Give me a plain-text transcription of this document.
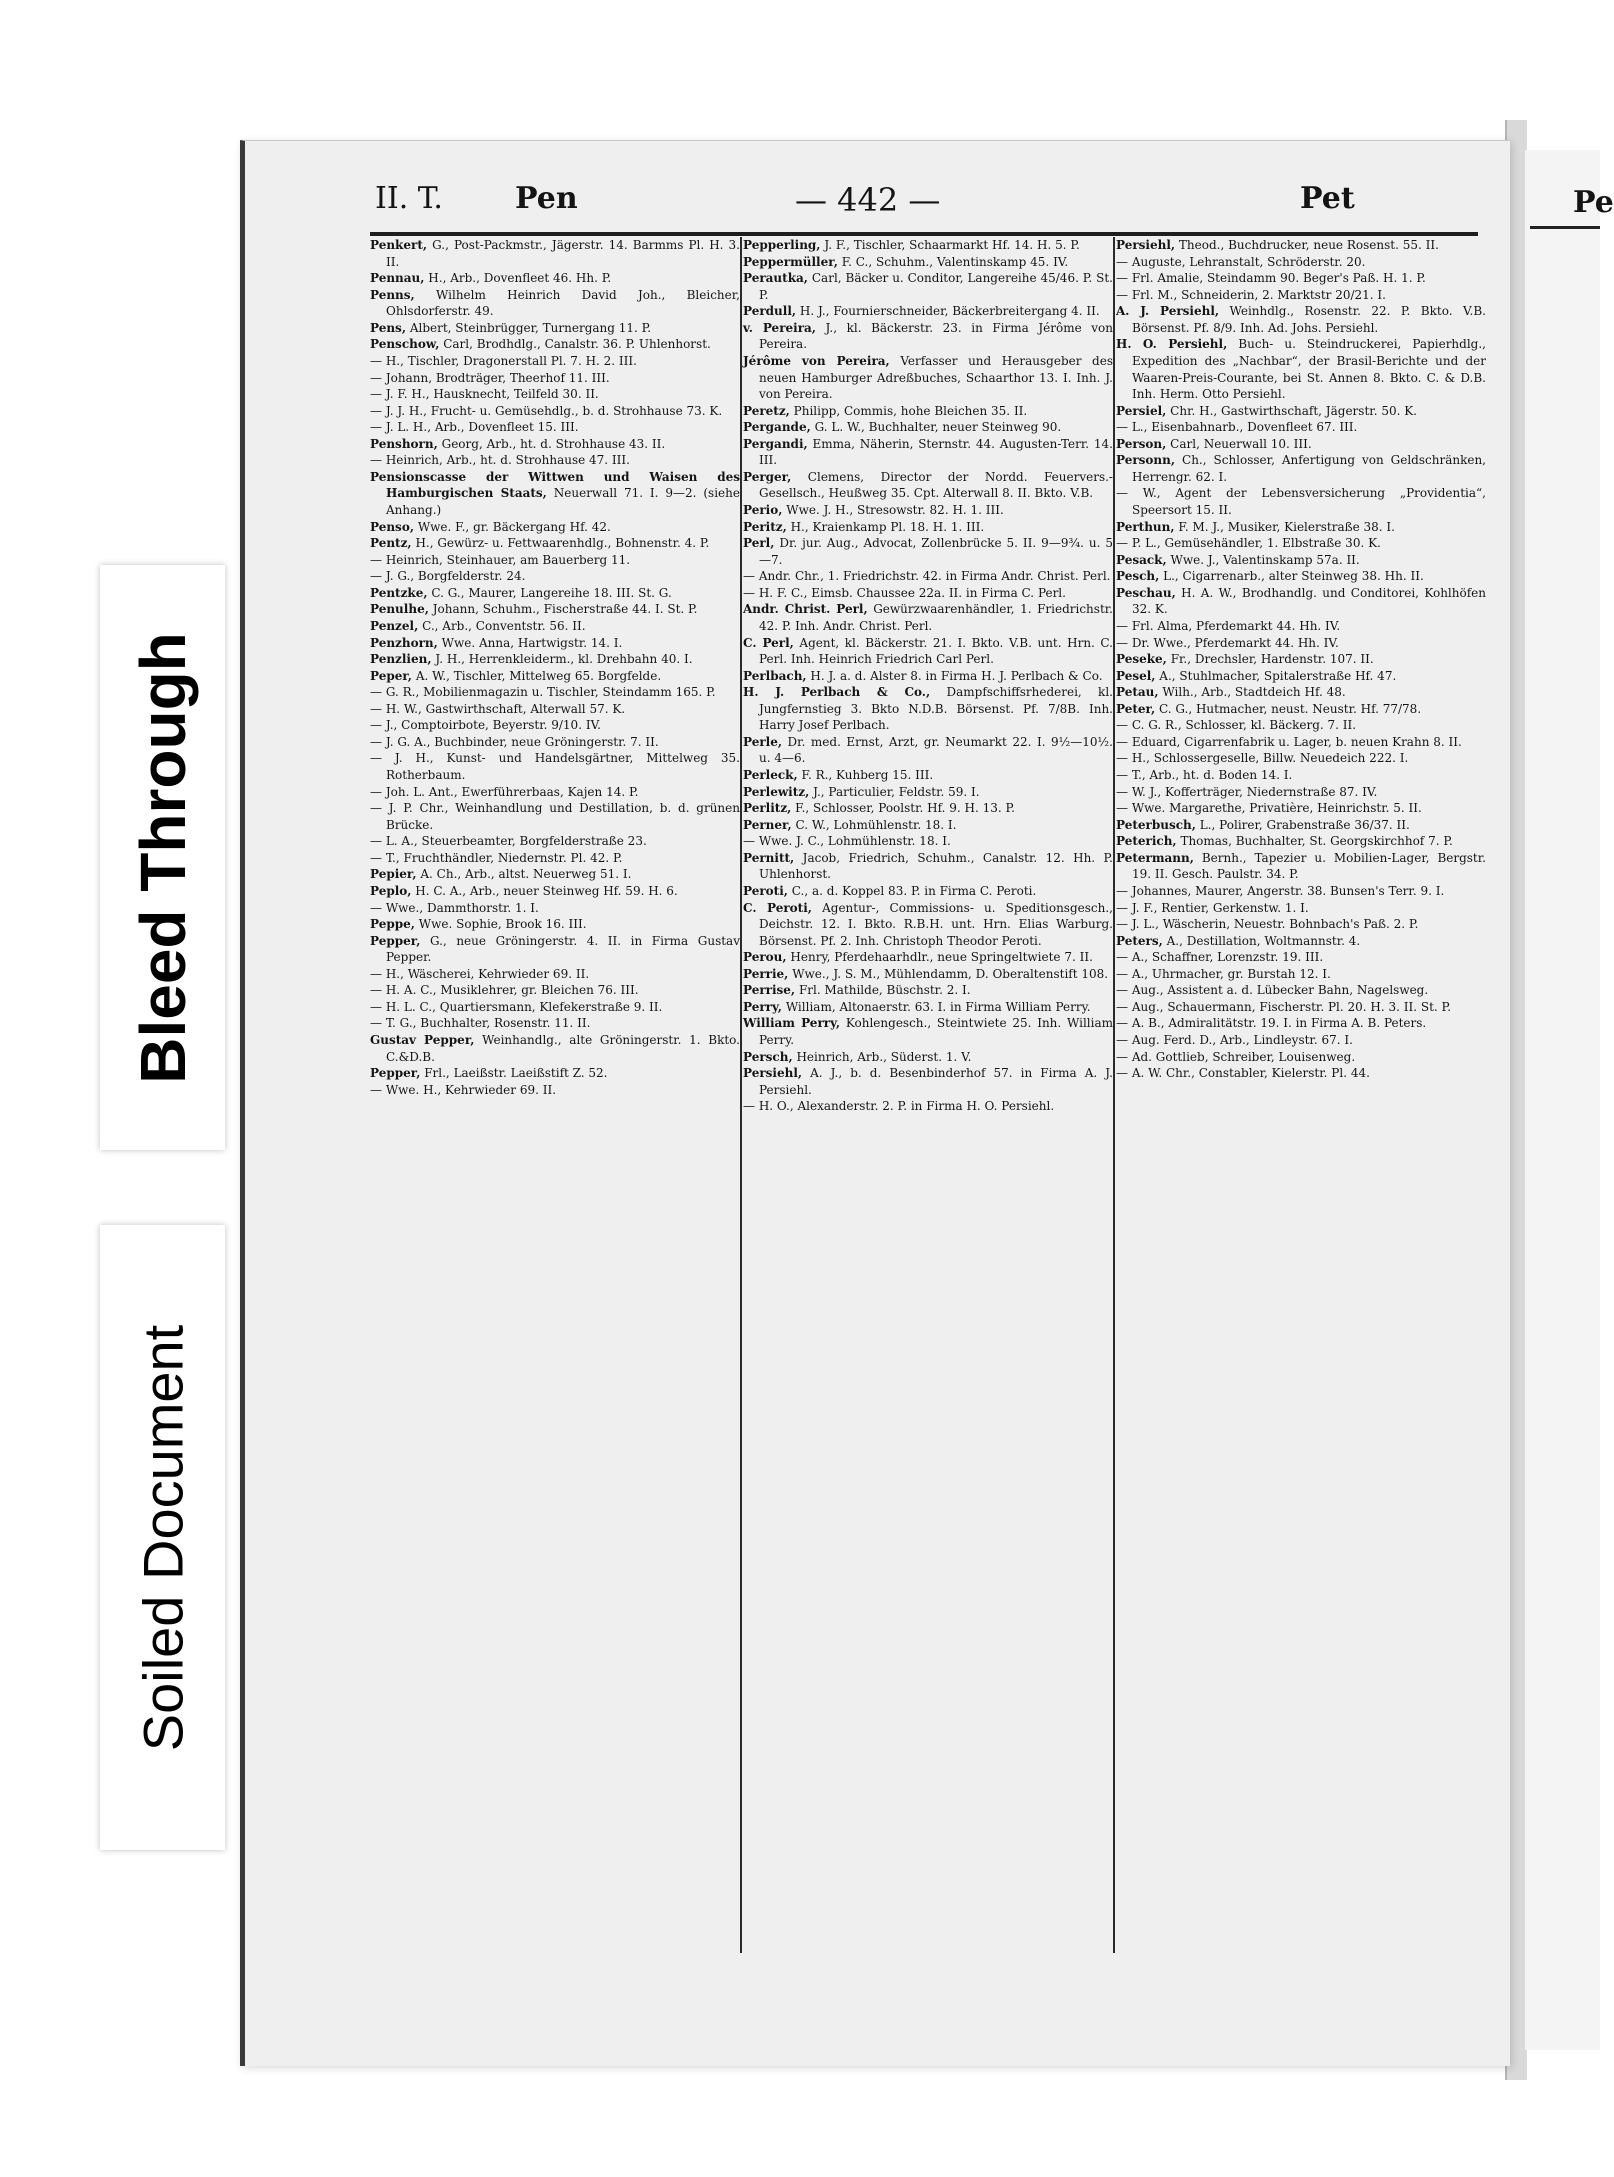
Bleed Through
Soiled Document
Pe
II. T. Pen	— 442 —	Pet

Penkert, G., Post-Packmstr., Jägerstr. 14. Barmms Pl. H. 3. II.

Pennau, H., Arb., Dovenfleet 46. Hh. P.

Penns, Wilhelm Heinrich David Joh., Bleicher, Ohlsdorferstr. 49.

Pens, Albert, Steinbrügger, Turnergang 11. P.

Penschow, Carl, Brodhdlg., Canalstr. 36. P. Uhlenhorst.

— H., Tischler, Dragonerstall Pl. 7. H. 2. III.

— Johann, Brodträger, Theerhof 11. III.

— J. F. H., Hausknecht, Teilfeld 30. II.

— J. J. H., Frucht- u. Gemüsehdlg., b. d. Strohhause 73. K.

— J. L. H., Arb., Dovenfleet 15. III.

Penshorn, Georg, Arb., ht. d. Strohhause 43. II.

— Heinrich, Arb., ht. d. Strohhause 47. III.

Pensionscasse der Wittwen und Waisen des Hamburgischen Staats, Neuerwall 71. I. 9—2. (siehe Anhang.)

Penso, Wwe. F., gr. Bäckergang Hf. 42.

Pentz, H., Gewürz- u. Fettwaarenhdlg., Bohnenstr. 4. P.

— Heinrich, Steinhauer, am Bauerberg 11.

— J. G., Borgfelderstr. 24.

Pentzke, C. G., Maurer, Langereihe 18. III. St. G.

Penulhe, Johann, Schuhm., Fischerstraße 44. I. St. P.

Penzel, C., Arb., Conventstr. 56. II.

Penzhorn, Wwe. Anna, Hartwigstr. 14. I.

Penzlien, J. H., Herrenkleiderm., kl. Drehbahn 40. I.

Peper, A. W., Tischler, Mittelweg 65. Borgfelde.

— G. R., Mobilienmagazin u. Tischler, Steindamm 165. P.

— H. W., Gastwirthschaft, Alterwall 57. K.

— J., Comptoirbote, Beyerstr. 9/10. IV.

— J. G. A., Buchbinder, neue Gröningerstr. 7. II.

— J. H., Kunst- und Handelsgärtner, Mittelweg 35. Rotherbaum.

— Joh. L. Ant., Ewerführerbaas, Kajen 14. P.

— J. P. Chr., Weinhandlung und Destillation, b. d. grünen Brücke.

— L. A., Steuerbeamter, Borgfelderstraße 23.

— T., Fruchthändler, Niedernstr. Pl. 42. P.

Pepier, A. Ch., Arb., altst. Neuerweg 51. I.

Peplo, H. C. A., Arb., neuer Steinweg Hf. 59. H. 6.

— Wwe., Dammthorstr. 1. I.

Peppe, Wwe. Sophie, Brook 16. III.

Pepper, G., neue Gröningerstr. 4. II. in Firma Gustav Pepper.

— H., Wäscherei, Kehrwieder 69. II.

— H. A. C., Musiklehrer, gr. Bleichen 76. III.

— H. L. C., Quartiersmann, Klefekerstraße 9. II.

— T. G., Buchhalter, Rosenstr. 11. II.

Gustav Pepper, Weinhandlg., alte Gröningerstr. 1. Bkto. C.&D.B.

Pepper, Frl., Laeißstr. Laeißstift Z. 52.

— Wwe. H., Kehrwieder 69. II.

Pepperling, J. F., Tischler, Schaarmarkt Hf. 14. H. 5. P.

Peppermüller, F. C., Schuhm., Valentinskamp 45. IV.

Perautka, Carl, Bäcker u. Conditor, Langereihe 45/46. P. St. P.

Perdull, H. J., Fournierschneider, Bäckerbreitergang 4. II.

v. Pereira, J., kl. Bäckerstr. 23. in Firma Jérôme von Pereira.

Jérôme von Pereira, Verfasser und Herausgeber des neuen Hamburger Adreßbuches, Schaarthor 13. I. Inh. J. von Pereira.

Peretz, Philipp, Commis, hohe Bleichen 35. II.

Pergande, G. L. W., Buchhalter, neuer Steinweg 90.

Pergandi, Emma, Näherin, Sternstr. 44. Augusten-Terr. 14. III.

Perger, Clemens, Director der Nordd. Feuervers.-Gesellsch., Heußweg 35. Cpt. Alterwall 8. II. Bkto. V.B.

Perio, Wwe. J. H., Stresowstr. 82. H. 1. III.

Peritz, H., Kraienkamp Pl. 18. H. 1. III.

Perl, Dr. jur. Aug., Advocat, Zollenbrücke 5. II. 9—9¾. u. 5—7.

— Andr. Chr., 1. Friedrichstr. 42. in Firma Andr. Christ. Perl.

— H. F. C., Eimsb. Chaussee 22a. II. in Firma C. Perl.

Andr. Christ. Perl, Gewürzwaarenhändler, 1. Friedrichstr. 42. P. Inh. Andr. Christ. Perl.

C. Perl, Agent, kl. Bäckerstr. 21. I. Bkto. V.B. unt. Hrn. C. Perl. Inh. Heinrich Friedrich Carl Perl.

Perlbach, H. J. a. d. Alster 8. in Firma H. J. Perlbach & Co.

H. J. Perlbach & Co., Dampfschiffsrhederei, kl. Jungfernstieg 3. Bkto N.D.B. Börsenst. Pf. 7/8B. Inh. Harry Josef Perlbach.

Perle, Dr. med. Ernst, Arzt, gr. Neumarkt 22. I. 9½—10½. u. 4—6.

Perleck, F. R., Kuhberg 15. III.

Perlewitz, J., Particulier, Feldstr. 59. I.

Perlitz, F., Schlosser, Poolstr. Hf. 9. H. 13. P.

Perner, C. W., Lohmühlenstr. 18. I.

— Wwe. J. C., Lohmühlenstr. 18. I.

Pernitt, Jacob, Friedrich, Schuhm., Canalstr. 12. Hh. P. Uhlenhorst.

Peroti, C., a. d. Koppel 83. P. in Firma C. Peroti.

C. Peroti, Agentur-, Commissions- u. Speditionsgesch., Deichstr. 12. I. Bkto. R.B.H. unt. Hrn. Elias Warburg. Börsenst. Pf. 2. Inh. Christoph Theodor Peroti.

Perou, Henry, Pferdehaarhdlr., neue Springeltwiete 7. II.

Perrie, Wwe., J. S. M., Mühlendamm, D. Oberaltenstift 108.

Perrise, Frl. Mathilde, Büschstr. 2. I.

Perry, William, Altonaerstr. 63. I. in Firma William Perry.

William Perry, Kohlengesch., Steintwiete 25. Inh. William Perry.

Persch, Heinrich, Arb., Süderst. 1. V.

Persiehl, A. J., b. d. Besenbinderhof 57. in Firma A. J. Persiehl.

— H. O., Alexanderstr. 2. P. in Firma H. O. Persiehl.

Persiehl, Theod., Buchdrucker, neue Rosenst. 55. II.

— Auguste, Lehranstalt, Schröderstr. 20.

— Frl. Amalie, Steindamm 90. Beger's Paß. H. 1. P.

— Frl. M., Schneiderin, 2. Marktstr 20/21. I.

A. J. Persiehl, Weinhdlg., Rosenstr. 22. P. Bkto. V.B. Börsenst. Pf. 8/9. Inh. Ad. Johs. Persiehl.

H. O. Persiehl, Buch- u. Steindruckerei, Papierhdlg., Expedition des „Nachbar“, der Brasil-Berichte und der Waaren-Preis-Courante, bei St. Annen 8. Bkto. C. & D.B. Inh. Herm. Otto Persiehl.

Persiel, Chr. H., Gastwirthschaft, Jägerstr. 50. K.

— L., Eisenbahnarb., Dovenfleet 67. III.

Person, Carl, Neuerwall 10. III.

Personn, Ch., Schlosser, Anfertigung von Geldschränken, Herrengr. 62. I.

— W., Agent der Lebensversicherung „Providentia“, Speersort 15. II.

Perthun, F. M. J., Musiker, Kielerstraße 38. I.

— P. L., Gemüsehändler, 1. Elbstraße 30. K.

Pesack, Wwe. J., Valentinskamp 57a. II.

Pesch, L., Cigarrenarb., alter Steinweg 38. Hh. II.

Peschau, H. A. W., Brodhandlg. und Conditorei, Kohlhöfen 32. K.

— Frl. Alma, Pferdemarkt 44. Hh. IV.

— Dr. Wwe., Pferdemarkt 44. Hh. IV.

Peseke, Fr., Drechsler, Hardenstr. 107. II.

Pesel, A., Stuhlmacher, Spitalerstraße Hf. 47.

Petau, Wilh., Arb., Stadtdeich Hf. 48.

Peter, C. G., Hutmacher, neust. Neustr. Hf. 77/78.

— C. G. R., Schlosser, kl. Bäckerg. 7. II.

— Eduard, Cigarrenfabrik u. Lager, b. neuen Krahn 8. II.

— H., Schlossergeselle, Billw. Neuedeich 222. I.

— T., Arb., ht. d. Boden 14. I.

— W. J., Kofferträger, Niedernstraße 87. IV.

— Wwe. Margarethe, Privatière, Heinrichstr. 5. II.

Peterbusch, L., Polirer, Grabenstraße 36/37. II.

Peterich, Thomas, Buchhalter, St. Georgskirchhof 7. P.

Petermann, Bernh., Tapezier u. Mobilien-Lager, Bergstr. 19. II. Gesch. Paulstr. 34. P.

— Johannes, Maurer, Angerstr. 38. Bunsen's Terr. 9. I.

— J. F., Rentier, Gerkenstw. 1. I.

— J. L., Wäscherin, Neuestr. Bohnbach's Paß. 2. P.

Peters, A., Destillation, Woltmannstr. 4.

— A., Schaffner, Lorenzstr. 19. III.

— A., Uhrmacher, gr. Burstah 12. I.

— Aug., Assistent a. d. Lübecker Bahn, Nagelsweg.

— Aug., Schauermann, Fischerstr. Pl. 20. H. 3. II. St. P.

— A. B., Admiralitätstr. 19. I. in Firma A. B. Peters.

— Aug. Ferd. D., Arb., Lindleystr. 67. I.

— Ad. Gottlieb, Schreiber, Louisenweg.

— A. W. Chr., Constabler, Kielerstr. Pl. 44.
